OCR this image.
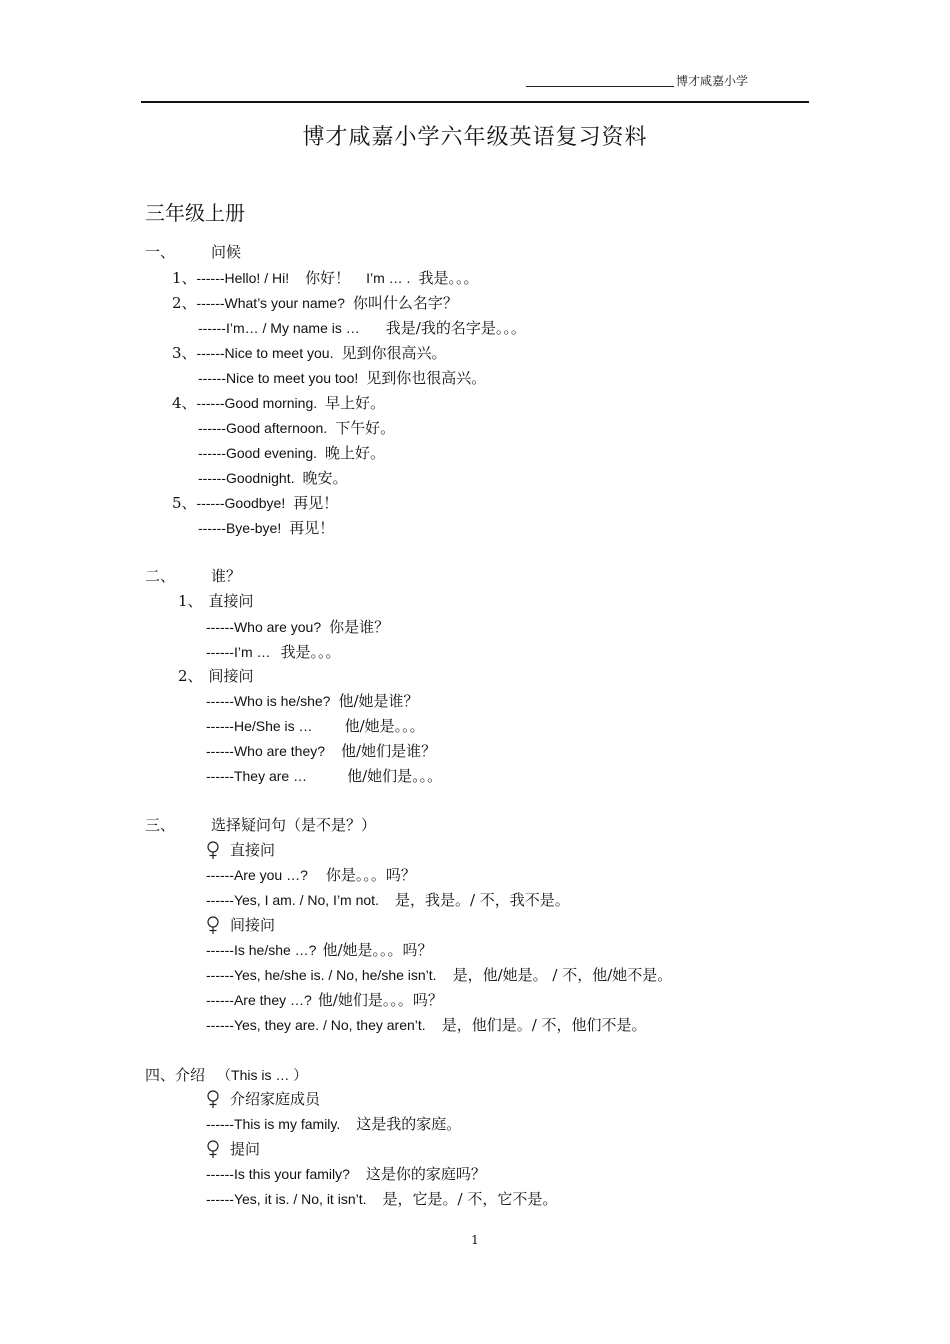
博才咸嘉小学
博才咸嘉小学六年级英语复习资料
三年级上册
一、 问候
1、------Hello! / Hi! 你好！ I’m … . 我是。。。
2、------What’s your name? 你叫什么名字？
------I’m… / My name is … 我是/我的名字是。。。
3、------Nice to meet you. 见到你很高兴。
------Nice to meet you too! 见到你也很高兴。
4、------Good morning. 早上好。
------Good afternoon. 下午好。
------Good evening. 晚上好。
------Goodnight. 晚安。
5、------Goodbye! 再见！
------Bye-bye! 再见！
二、 谁？
1、 直接问
------Who are you? 你是谁？
------I’m … 我是。。。
2、 间接问
------Who is he/she? 他/她是谁？
------He/She is … 他/她是。。。
------Who are they? 他/她们是谁？
------They are …	他/她们是。。。
三、 选择疑问句（是不是？）
直接问
------Are you …? 你是。。。吗？
------Yes, I am. / No, I’m not. 是，我是。/ 不，我不是。
间接问
------Is he/she …? 他/她是。。。吗？
------Yes, he/she is. / No, he/she isn’t. 是，他/她是。 / 不，他/她不是。
------Are they …? 他/她们是。。。吗？
------Yes, they are. / No, they aren’t. 是，他们是。/ 不，他们不是。
四、介绍 （This is … ）
介绍家庭成员
------This is my family. 这是我的家庭。
提问
------Is this your family? 这是你的家庭吗？
------Yes, it is. / No, it isn’t. 是，它是。/ 不，它不是。
1
